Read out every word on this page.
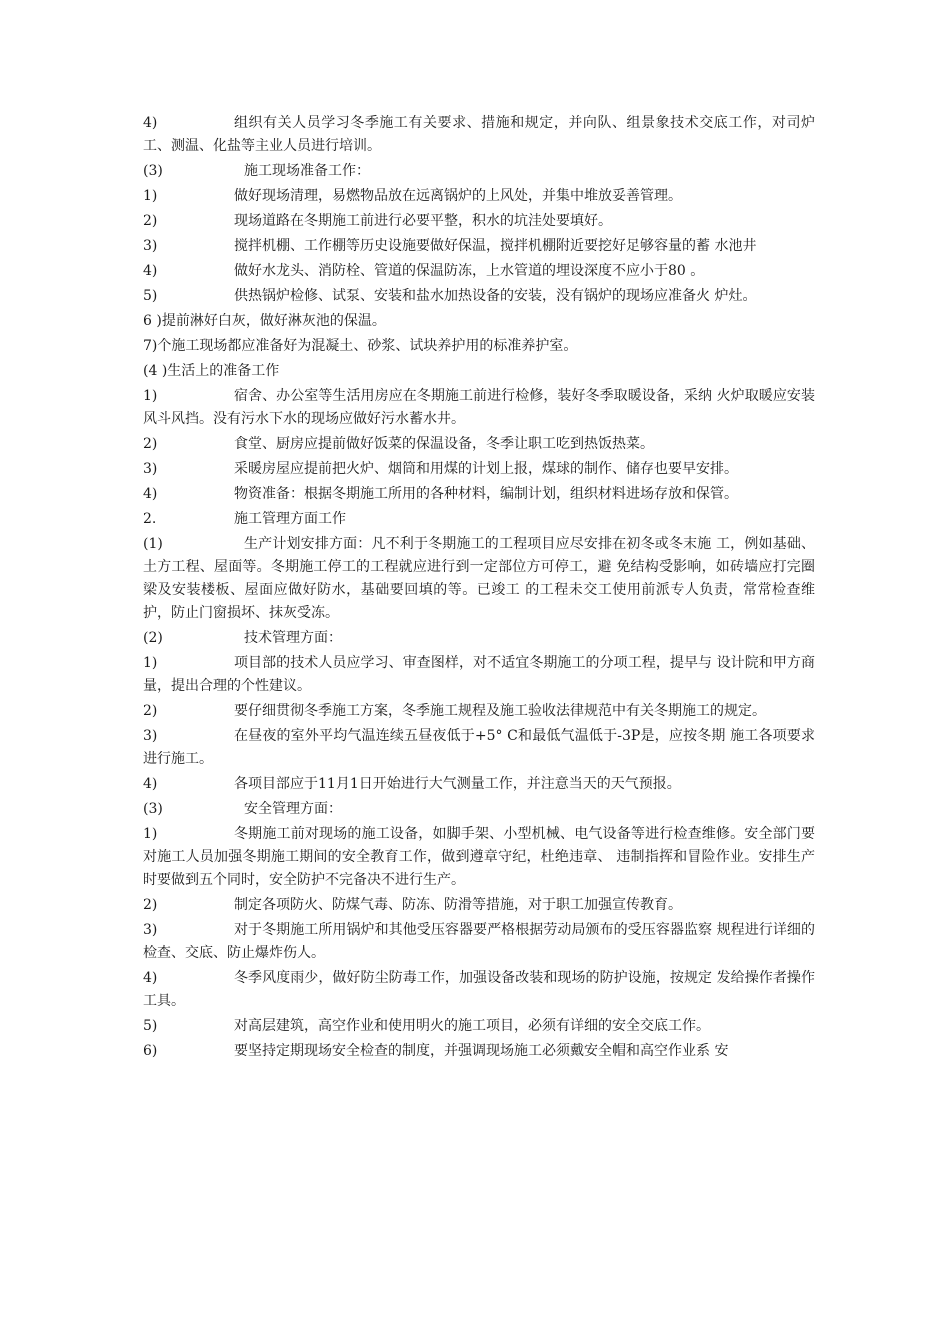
4)	组织有关人员学习冬季施工有关要求、措施和规定，并向队、组景象技术交底工作，对司炉工、测温、化盐等主业人员进行培训。
(3)	施工现场准备工作：
1)	做好现场清理，易燃物品放在远离锅炉的上风处，并集中堆放妥善管理。
2)	现场道路在冬期施工前进行必要平整，积水的坑洼处要填好。
3)	搅拌机棚、工作棚等历史设施要做好保温，搅拌机棚附近要挖好足够容量的蓄 水池井
4)	做好水龙头、消防栓、管道的保温防冻，上水管道的埋设深度不应小于80 。
5)	供热锅炉检修、试泵、安装和盐水加热设备的安装，没有锅炉的现场应准备火 炉灶。
6 )提前淋好白灰，做好淋灰池的保温。
7)个施工现场都应准备好为混凝土、砂浆、试块养护用的标准养护室。
(4 )生活上的准备工作
1)	宿舍、办公室等生活用房应在冬期施工前进行检修，装好冬季取暖设备，采纳 火炉取暖应安装风斗风挡。没有污水下水的现场应做好污水蓄水井。
2)	食堂、厨房应提前做好饭菜的保温设备，冬季让职工吃到热饭热菜。
3)	采暖房屋应提前把火炉、烟筒和用煤的计划上报，煤球的制作、储存也要早安排。
4)	物资准备：根据冬期施工所用的各种材料，编制计划，组织材料进场存放和保管。
2.	施工管理方面工作
(1)	生产计划安排方面：凡不利于冬期施工的工程项目应尽安排在初冬或冬末施 工，例如基础、土方工程、屋面等。冬期施工停工的工程就应进行到一定部位方可停工，避 免结构受影响，如砖墙应打完圈梁及安装楼板、屋面应做好防水，基础要回填的等。已竣工 的工程未交工使用前派专人负责，常常检查维护，防止门窗损坏、抹灰受冻。
(2)	技术管理方面：
1)	项目部的技术人员应学习、审查图样，对不适宜冬期施工的分项工程，提早与 设计院和甲方商量，提出合理的个性建议。
2)	要仔细贯彻冬季施工方案，冬季施工规程及施工验收法律规范中有关冬期施工的规定。
3)	在昼夜的室外平均气温连续五昼夜低于+5° C和最低气温低于-3P是，应按冬期 施工各项要求进行施工。
4)	各项目部应于11月1日开始进行大气测量工作，并注意当天的天气预报。
(3)	安全管理方面：
1)	冬期施工前对现场的施工设备，如脚手架、小型机械、电气设备等进行检查维修。安全部门要对施工人员加强冬期施工期间的安全教育工作，做到遵章守纪，杜绝违章、 违制指挥和冒险作业。安排生产时要做到五个同时，安全防护不完备决不进行生产。
2)	制定各项防火、防煤气毒、防冻、防滑等措施，对于职工加强宣传教育。
3)	对于冬期施工所用锅炉和其他受压容器要严格根据劳动局颁布的受压容器监察 规程进行详细的检查、交底、防止爆炸伤人。
4)	冬季风度雨少，做好防尘防毒工作，加强设备改装和现场的防护设施，按规定 发给操作者操作工具。
5)	对高层建筑，高空作业和使用明火的施工项目，必须有详细的安全交底工作。
6)	要坚持定期现场安全检查的制度，并强调现场施工必须戴安全帽和高空作业系 安
